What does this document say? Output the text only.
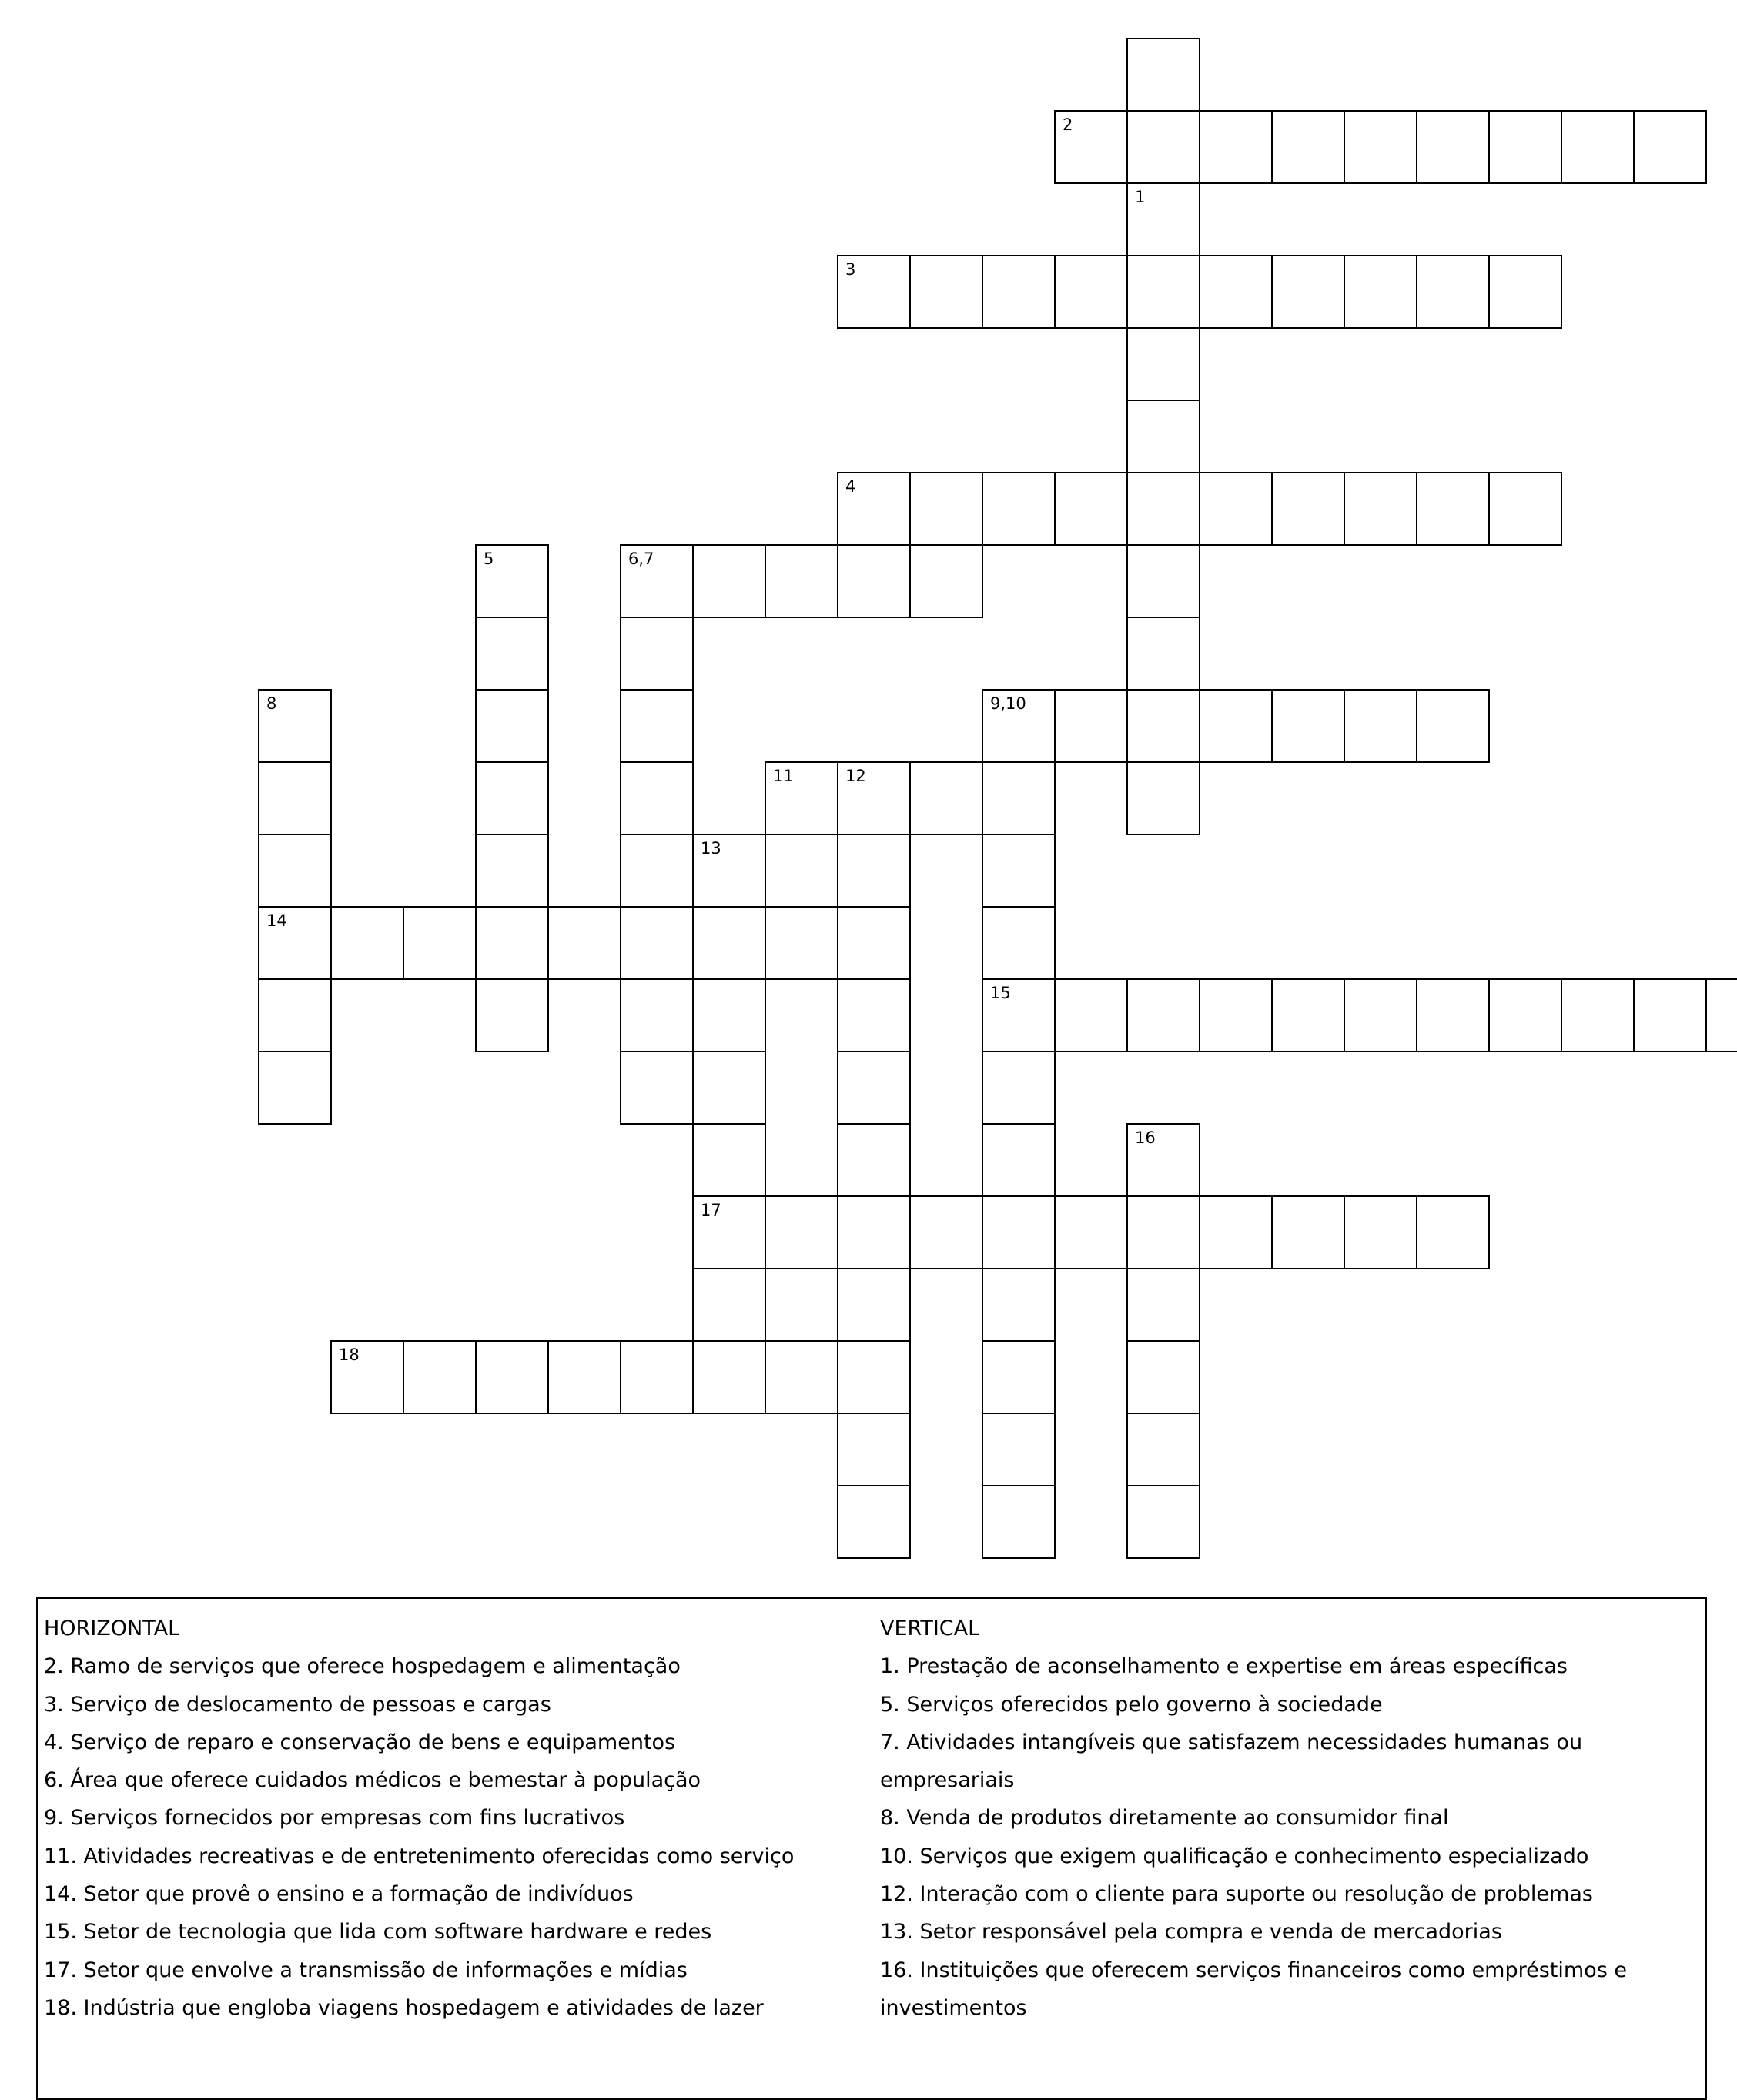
1
2
3
4
5	6,7
8	9,10
11	12
13
14
15
16
17
18
HORIZONTAL
2. Ramo de serviços que oferece hospedagem e alimentação
3. Serviço de deslocamento de pessoas e cargas
4. Serviço de reparo e conservação de bens e equipamentos
6. Área que oferece cuidados médicos e bemestar à população
9. Serviços fornecidos por empresas com fins lucrativos
11. Atividades recreativas e de entretenimento oferecidas como serviço
14. Setor que provê o ensino e a formação de indivíduos
15. Setor de tecnologia que lida com software hardware e redes
17. Setor que envolve a transmissão de informações e mídias
18. Indústria que engloba viagens hospedagem e atividades de lazer
VERTICAL
1. Prestação de aconselhamento e expertise em áreas específicas
5. Serviços oferecidos pelo governo à sociedade
7. Atividades intangíveis que satisfazem necessidades humanas ou empresariais
8. Venda de produtos diretamente ao consumidor final
10. Serviços que exigem qualificação e conhecimento especializado
12. Interação com o cliente para suporte ou resolução de problemas
13. Setor responsável pela compra e venda de mercadorias
16. Instituições que oferecem serviços financeiros como empréstimos e investimentos
